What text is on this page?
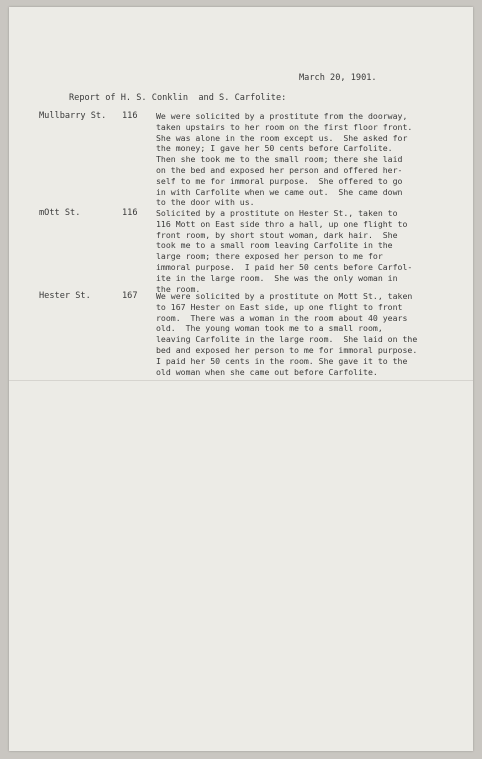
March 20, 1901.
Report of H. S. Conklin  and S. Carfolite:
Mullbarry St. 116 We were solicited by a prostitute from the doorway,
taken upstairs to her room on the first floor front.
She was alone in the room except us.  She asked for
the money; I gave her 50 cents before Carfolite.
Then she took me to the small room; there she laid
on the bed and exposed her person and offered her-
self to me for immoral purpose.  She offered to go
in with Carfolite when we came out.  She came down
to the door with us.
mOtt St.	116 Solicited by a prostitute on Hester St., taken to
116 Mott on East side thro a hall, up one flight to
front room, by short stout woman, dark hair.  She
took me to a small room leaving Carfolite in the
large room; there exposed her person to me for
immoral purpose.  I paid her 50 cents before Carfol-
ite in the large room.  She was the only woman in
the room.
Hester St.	167 We were solicited by a prostitute on Mott St., taken
to 167 Hester on East side, up one flight to front
room.  There was a woman in the room about 40 years
old.  The young woman took me to a small room,
leaving Carfolite in the large room.  She laid on the
bed and exposed her person to me for immoral purpose.
I paid her 50 cents in the room. She gave it to the
old woman when she came out before Carfolite.
